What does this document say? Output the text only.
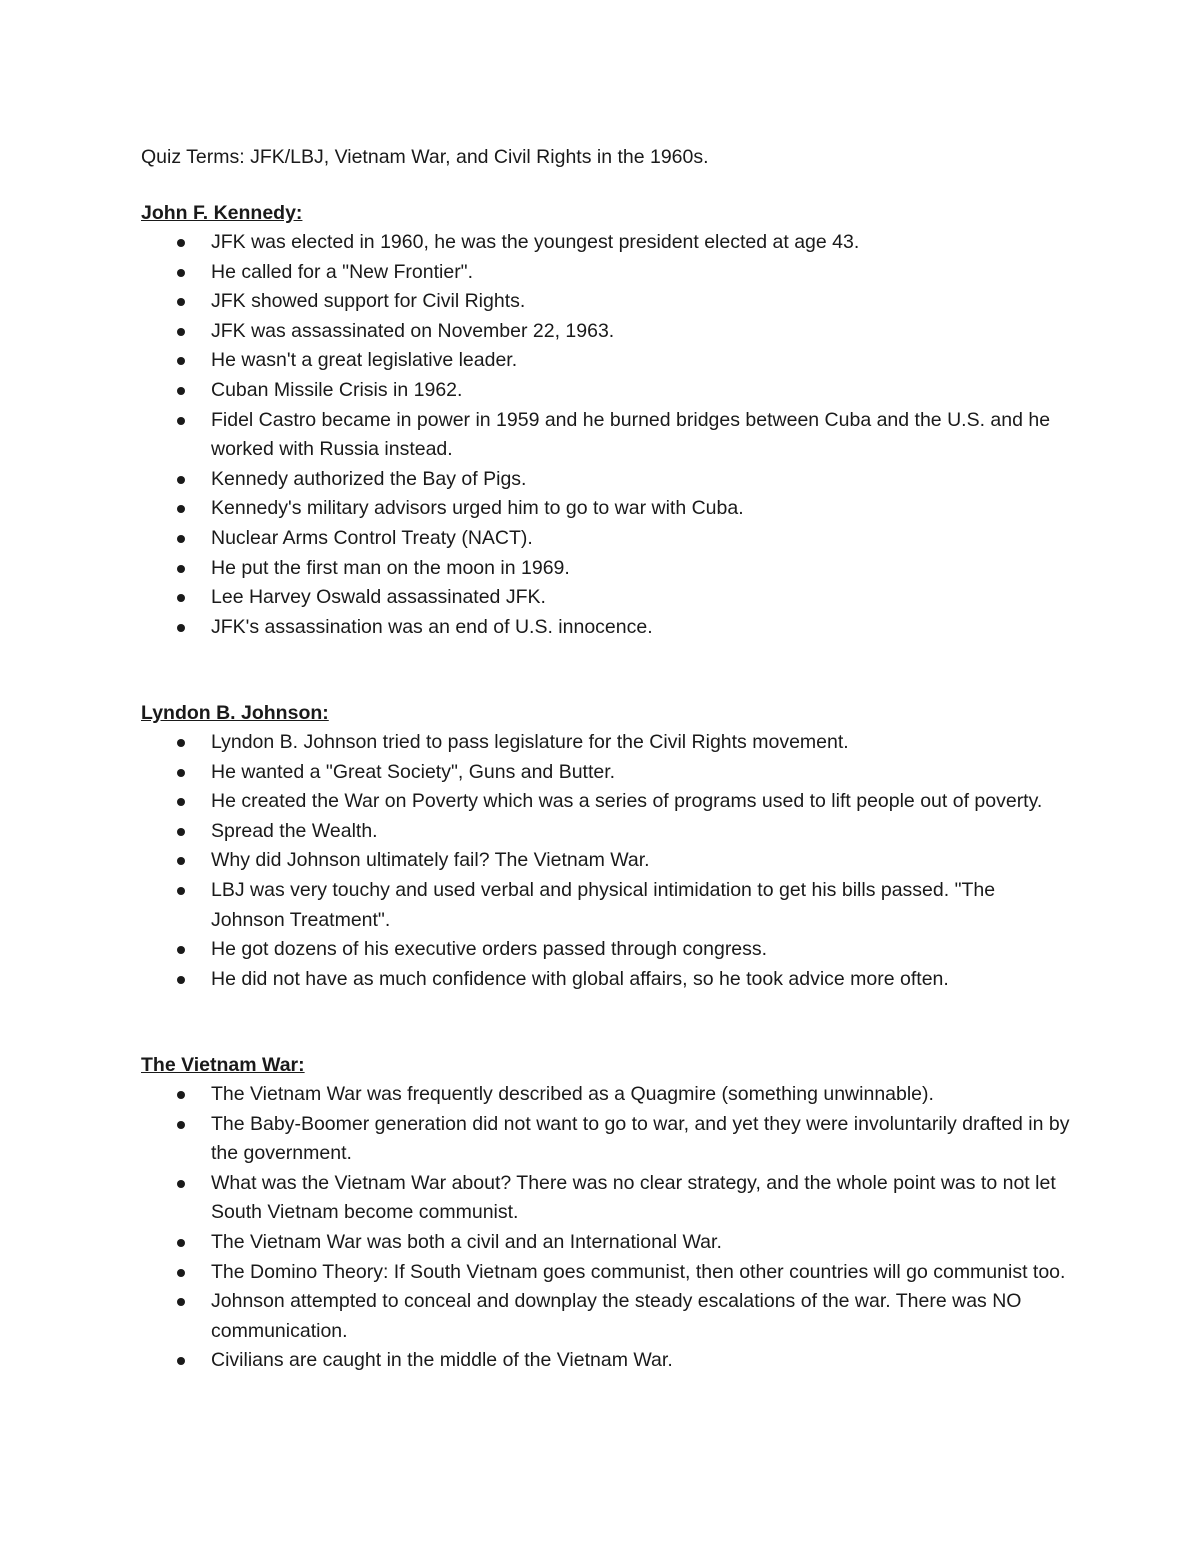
Quiz Terms: JFK/LBJ, Vietnam War, and Civil Rights in the 1960s.
John F. Kennedy:
JFK was elected in 1960, he was the youngest president elected at age 43.
He called for a "New Frontier".
JFK showed support for Civil Rights.
JFK was assassinated on November 22, 1963.
He wasn't a great legislative leader.
Cuban Missile Crisis in 1962.
Fidel Castro became in power in 1959 and he burned bridges between Cuba and the U.S. and he worked with Russia instead.
Kennedy authorized the Bay of Pigs.
Kennedy's military advisors urged him to go to war with Cuba.
Nuclear Arms Control Treaty (NACT).
He put the first man on the moon in 1969.
Lee Harvey Oswald assassinated JFK.
JFK's assassination was an end of U.S. innocence.
Lyndon B. Johnson:
Lyndon B. Johnson tried to pass legislature for the Civil Rights movement.
He wanted a "Great Society", Guns and Butter.
He created the War on Poverty which was a series of programs used to lift people out of poverty.
Spread the Wealth.
Why did Johnson ultimately fail? The Vietnam War.
LBJ was very touchy and used verbal and physical intimidation to get his bills passed. "The Johnson Treatment".
He got dozens of his executive orders passed through congress.
He did not have as much confidence with global affairs, so he took advice more often.
The Vietnam War:
The Vietnam War was frequently described as a Quagmire (something unwinnable).
The Baby-Boomer generation did not want to go to war, and yet they were involuntarily drafted in by the government.
What was the Vietnam War about? There was no clear strategy, and the whole point was to not let South Vietnam become communist.
The Vietnam War was both a civil and an International War.
The Domino Theory: If South Vietnam goes communist, then other countries will go communist too.
Johnson attempted to conceal and downplay the steady escalations of the war. There was NO communication.
Civilians are caught in the middle of the Vietnam War.
